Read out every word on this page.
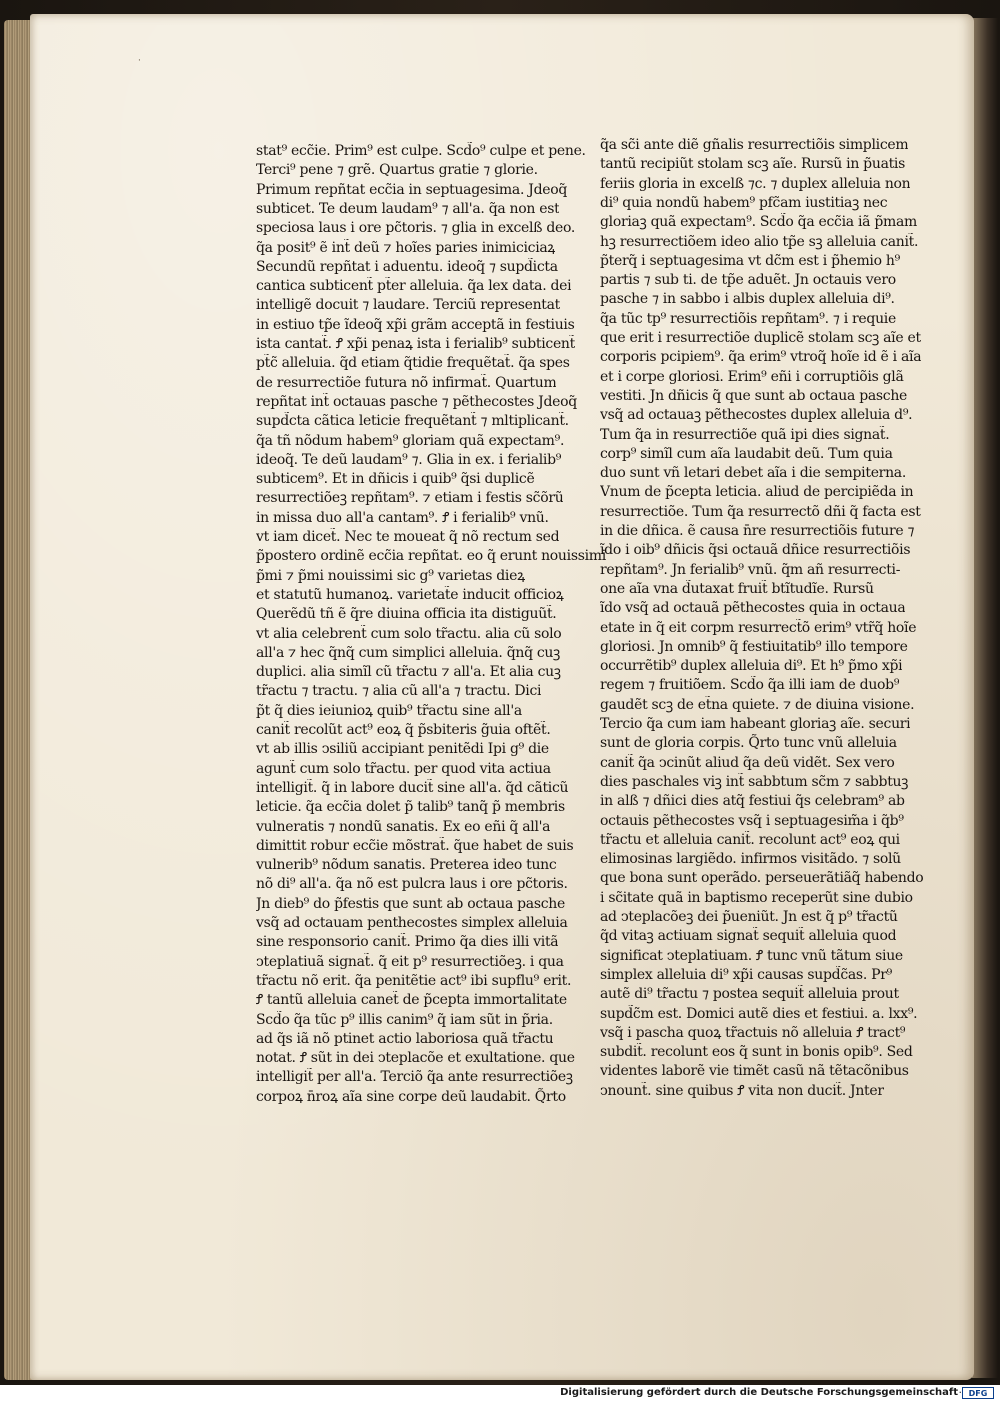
·
stat⁹ ecc̃ie. Prim⁹ est culpe. Scd̃o⁹ culpe et pene.
Terci⁹ pene ⁊ grẽ. Quartus gratie ⁊ glorie.
Primum repñtat ecc̃ia in septuagesima. Jdeoq̃
subticet. Te deum laudam⁹ ⁊ all'a. q̃a non est
speciosa laus i ore pc̃toris. ⁊ glia in excelß deo.
q̃a posit⁹ ẽ int̃ deũ ⁊ hoĩes paries inimiciciaꝝ
Secundũ repñtat i aduentu. ideoq̃ ⁊ supd̃icta
cantica subticent̃ pt̃er alleluia. q̃a lex data. dei
intelligẽ docuit ⁊ laudare. Terciũ representat
in estiuo tp̃e ĩdeoq̃ xp̃i grãm acceptã in festiuis
ista cantat̃. Ꝭ xp̃i penaꝝ ista i ferialib⁹ subticent̃
pt̃c̃ alleluia. q̃d etiam q̃tidie frequẽtat̃. q̃a spes
de resurrectiõe futura nõ infirmat̃. Quartum
repñtat int̃ octauas pasche ⁊ pẽthecostes Jdeoq̃
supd̃cta cãtica leticie frequẽtant̃ ⁊ mltiplicant̃.
q̃a tñ nõdum habem⁹ gloriam quã expectam⁹.
ideoq̃. Te deũ laudam⁹ ⁊. Glia in ex. i ferialib⁹
subticem⁹. Et in dñicis i quib⁹ q̃si duplicẽ
resurrectiõeꝫ repñtam⁹. ⁊ etiam i festis sc̃õrũ
in missa duo all'a cantam⁹. Ꝭ i ferialib⁹ vnũ.
vt iam dicet̃. Nec te moueat q̃ nõ rectum sed
p̃postero ordinẽ ecc̃ia repñtat. eo q̃ erunt nouissimi
p̃mi ⁊ p̃mi nouissimi sic g⁹ varietas dieꝝ
et statutũ humanoꝝ. varietat̃e inducit officioꝝ
Querẽdũ tñ ẽ q̃re diuina officia ita distiguũt̃.
vt alia celebrent̃ cum solo tr̃actu. alia cũ solo
all'a ⁊ hec q̃nq̃ cum simplici alleluia. q̃nq̃ cuꝫ
duplici. alia simĩl cũ tr̃actu ⁊ all'a. Et alia cuꝫ
tr̃actu ⁊ tractu. ⁊ alia cũ all'a ⁊ tractu. Dici
p̃t q̃ dies ieiunioꝝ quib⁹ tr̃actu sine all'a
canit̃ recolũt act⁹ eoꝝ q̃ p̃sbiteris g̃uia oftẽt̃.
vt ab illis ↄsiliũ accipiant penitẽdi Ipi g⁹ die
agunt̃ cum solo tr̃actu. per quod vita actiua
intelligit̃. q̃ in labore ducit̃ sine all'a. q̃d cãticũ
leticie. q̃a ecc̃ia dolet p̃ talib⁹ tanq̃ p̃ membris
vulneratis ⁊ nondũ sanatis. Ex eo eñi q̃ all'a
dimittit robur ecc̃ie mõstrat̃. q̃ue habet de suis
vulnerib⁹ nõdum sanatis. Preterea ideo tunc
nõ di⁹ all'a. q̃a nõ est pulcra laus i ore pc̃toris.
Jn dieb⁹ do p̃festis que sunt ab octaua pasche
vsq̃ ad octauam penthecostes simplex alleluia
sine responsorio canit̃. Primo q̃a dies illi vitã
ↄteplatiuã signat̃. q̃ eit p⁹ resurrectiõeꝫ. i qua
tr̃actu nõ erit. q̃a penitẽtie act⁹ ibi supflu⁹ erit.
Ꝭ tantũ alleluia canet̃ de p̃cepta immortalitate
Scd̃o q̃a tũc p⁹ illis canim⁹ q̃ iam sũt in p̃ria.
ad q̃s iã nõ ptinet actio laboriosa quã tr̃actu
notat. Ꝭ sũt in dei ↄteplacõe et exultatione. que
intelligit̃ per all'a. Terciõ q̃a ante resurrectiõeꝫ
corpoꝝ n̄roꝝ aĩa sine corpe deũ laudabit. Q̃rto
q̃a sc̃i ante diẽ gñalis resurrectiõis simplicem
tantũ recipiũt stolam scꝫ aĩe. Rursũ in p̃uatis
feriis gloria in excelß ⁊c. ⁊ duplex alleluia non
di⁹ quia nondũ habem⁹ pfc̃am iustitiaꝫ nec
gloriaꝫ quã expectam⁹. Scd̃o q̃a ecc̃ia iã p̃mam
hꝫ resurrectiõem ideo alio tp̃e sꝫ alleluia canit̃.
p̃terq̃ i septuagesima vt dc̃m est i p̃hemio h⁹
partis ⁊ sub ti. de tp̃e aduẽt. Jn octauis vero
pasche ⁊ in sabbo i albis duplex alleluia di⁹.
q̃a tũc tp⁹ resurrectiõis repñtam⁹. ⁊ i requie
que erit i resurrectiõe duplicẽ stolam scꝫ aĩe et
corporis pcipiem⁹. q̃a erim⁹ vtroq̃ hoĩe id ẽ i aĩa
et i corpe gloriosi. Erim⁹ eñi i corruptiõis glã
vestiti. Jn dñicis q̃ que sunt ab octaua pasche
vsq̃ ad octauaꝫ pẽthecostes duplex alleluia d⁹.
Tum q̃a in resurrectiõe quã ipi dies signat̃.
corp⁹ simĩl cum aĩa laudabit deũ. Tum quia
duo sunt vñ letari debet aĩa i die sempiterna.
Vnum de p̃cepta leticia. aliud de percipiẽda in
resurrectiõe. Tum q̃a resurrectõ dñi q̃ facta est
in die dñica. ẽ causa n̄re resurrectiõis future ⁊
ĩdo i oib⁹ dñicis q̃si octauã dñice resurrectiõis
repñtam⁹. Jn ferialib⁹ vnũ. q̃m añ resurrecti-
one aĩa vna d̃utaxat fruit̃ btĩtudĩe. Rursũ
ĩdo vsq̃ ad octauã pẽthecostes quia in octaua
etate in q̃ eit corpm resurrect̃õ erim⁹ vtr̃q̃ hoĩe
gloriosi. Jn omnib⁹ q̃ festiuitatib⁹ illo tempore
occurrẽtib⁹ duplex alleluia di⁹. Et h⁹ p̃mo xp̃i
regem ⁊ fruitiõem. Scd̃o q̃a illi iam de duob⁹
gaudẽt scꝫ de et̃na quiete. ⁊ de diuina visione.
Tercio q̃a cum iam habeant gloriaꝫ aĩe. securi
sunt de gloria corpis. Q̃rto tunc vnũ alleluia
canit̃ q̃a ↄcinũt aliud q̃a deũ vidẽt. Sex vero
dies paschales viꝫ int̃ sabbtum sc̃m ⁊ sabbtuꝫ
in alß ⁊ dñici dies atq̃ festiui q̃s celebram⁹ ab
octauis pẽthecostes vsq̃ i septuagesim̃a i q̃b⁹
tr̃actu et alleluia canit̃. recolunt act⁹ eoꝝ qui
elimosinas largiẽdo. infirmos visitãdo. ⁊ solũ
que bona sunt operãdo. perseuerãtiãq̃ habendo
i sc̃itate quã in baptismo receperũt sine dubio
ad ↄteplacõeꝫ dei p̃ueniũt. Jn est q̃ p⁹ tr̃actũ
q̃d vitaꝫ actiuam signat̃ sequit̃ alleluia quod
significat ↄteplatiuam. Ꝭ tunc vnũ tãtum siue
simplex alleluia di⁹ xp̃i causas supd̃c̃as. Pr⁹
autẽ di⁹ tr̃actu ⁊ postea sequit̃ alleluia prout
supd̃c̃m est. Domici autẽ dies et festiui. a. lxx⁹.
vsq̃ i pascha quoꝝ tr̃actuis nõ alleluia Ꝭ tract⁹
subdit̃. recolunt eos q̃ sunt in bonis opib⁹. Sed
videntes laborẽ vie timẽt casũ nã tẽtacõnibus
ↄnount̃. sine quibus Ꝭ vita non ducit̃. Jnter
Digitalisierung gefördert durch die Deutsche Forschungsgemeinschaft · DFG
